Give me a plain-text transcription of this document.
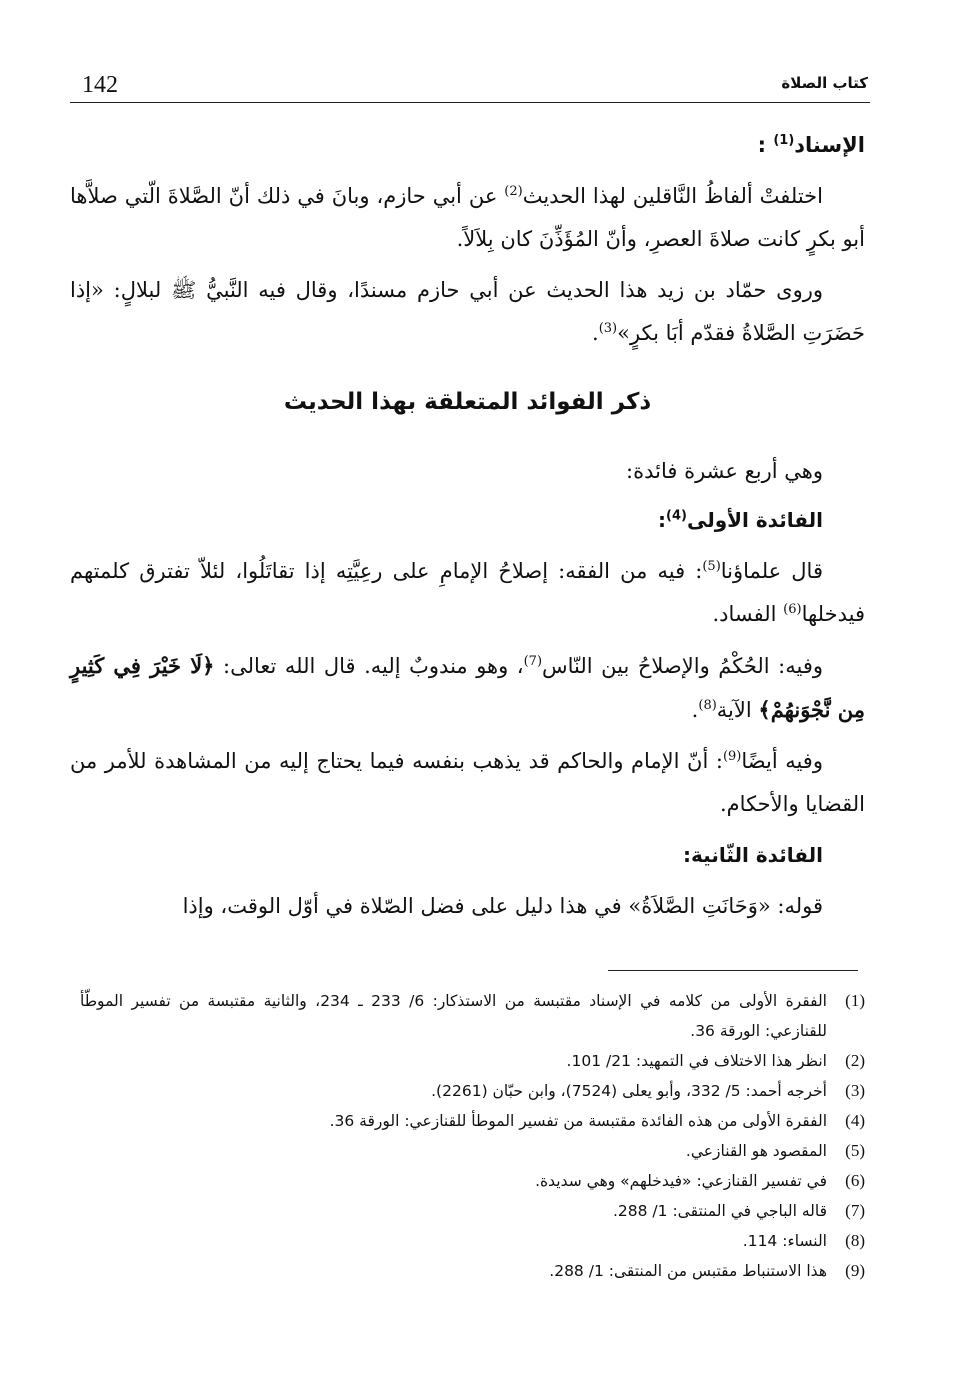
142	كتاب الصلاة
الإسناد$^{(1)}$ :

اختلفتْ ألفاظُ النَّاقلين لهذا الحديث$^{(2)}$ عن أبي حازم، وبانَ في ذلك أنّ الصَّلاةَ الّتي صلاَّها أبو بكرٍ كانت صلاةَ العصرِ، وأنّ المُؤَذِّنَ كان بِلاَلاً.

وروى حمّاد بن زيد هذا الحديث عن أبي حازم مسندًا، وقال فيه النَّبيُّ ﷺ لبلالٍ: «إذا حَضَرَتِ الصَّلاةُ فقدّم أبَا بكرٍ»$^{(3)}$.

ذكر الفوائد المتعلقة بهذا الحديث

وهي أربع عشرة فائدة:

الفائدة الأولى$^{(4)}$:

قال علماؤنا$^{(5)}$: فيه من الفقه: إصلاحُ الإمامِ على رعِيَّتِه إذا تقاتَلُوا، لئلاّ تفترق كلمتهم فيدخلها$^{(6)}$ الفساد.

وفيه: الحُكْمُ والإصلاحُ بين النّاس$^{(7)}$، وهو مندوبٌ إليه. قال الله تعالى: ﴿لَا خَيْرَ فِي كَثِيرٍ مِن نَّجْوَنهُمْ﴾ الآية$^{(8)}$.

وفيه أيضًا$^{(9)}$: أنّ الإمام والحاكم قد يذهب بنفسه فيما يحتاج إليه من المشاهدة للأمر من القضايا والأحكام.

الفائدة الثّانية:

قوله: «وَحَانَتِ الصَّلاَةُ» في هذا دليل على فضل الصّلاة في أوّل الوقت، وإذا

(1)
الفقرة الأولى من كلامه في الإسناد مقتبسة من الاستذكار: 6/ 233 ـ 234، والثانية مقتبسة من تفسير الموطّأ للقنازعي: الورقة 36.
(2)
انظر هذا الاختلاف في التمهيد: 21/ 101.
(3)
أخرجه أحمد: 5/ 332، وأبو يعلى (7524)، وابن حبّان (2261).
(4)
الفقرة الأولى من هذه الفائدة مقتبسة من تفسير الموطأ للقنازعي: الورقة 36.
(5)
المقصود هو القنازعي.
(6)
في تفسير القنازعي: «فيدخلهم» وهي سديدة.
(7)
قاله الباجي في المنتقى: 1/ 288.
(8)
النساء: 114.
(9)
هذا الاستنباط مقتبس من المنتقى: 1/ 288.
